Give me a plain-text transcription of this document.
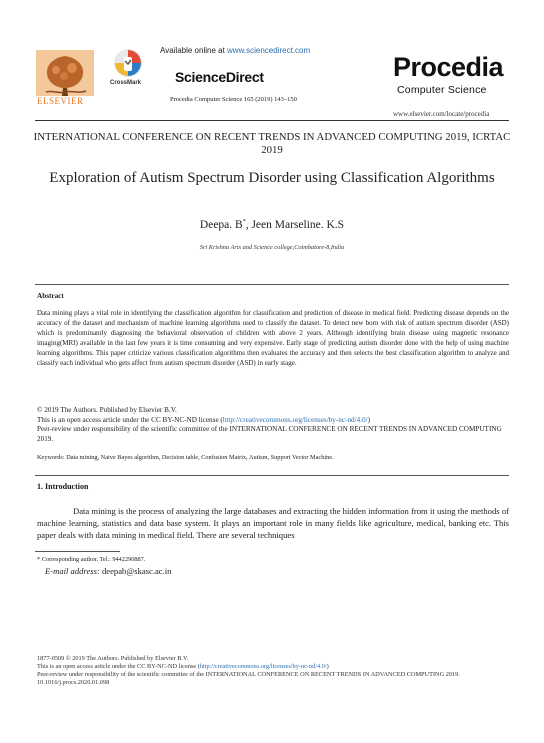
ELSEVIER
CrossMark
Available online at www.sciencedirect.com
ScienceDirect
Procedia Computer Science 165 (2019) 143–150
Procedia
Computer Science
www.elsevier.com/locate/procedia
INTERNATIONAL CONFERENCE ON RECENT TRENDS IN ADVANCED COMPUTING 2019, ICRTAC 2019
Exploration of Autism Spectrum Disorder using Classification Algorithms
Deepa. B*, Jeen Marseline. K.S
Sri Krishna Arts and Science college,Coimbatore-8,India
Abstract
Data mining plays a vital role in identifying the classification algorithm for classification and prediction of disease in medical field. Predicting disease depends on the accuracy of the dataset and mechanism of machine learning algorithms used to classify the dataset. To detect new born with risk of autism spectrum disorder (ASD) which is predominantly diagnosing the behavioral observation of children with above 2 years. Although identifying brain disease using magnetic resonance imaging(MRI) available in the last few years it is time consuming and very expensive. Early stage of predicting autism disorder done with the help of using machine learning algorithms. This paper criticize various classification algorithms then evaluates the accuracy and then selects the best classification algorithm to analyze and classify each individual who gets affect from autism spectrum disorder (ASD) in early stage.
© 2019 The Authors. Published by Elsevier B.V.
This is an open access article under the CC BY-NC-ND license (http://creativecommons.org/licenses/by-nc-nd/4.0/)
Peer-review under responsibility of the scientific committee of the INTERNATIONAL CONFERENCE ON RECENT TRENDS IN ADVANCED COMPUTING 2019.
Keywords: Data mining, Naive Bayes algorithm, Decision table, Confusion Matrix, Autism, Support Vector Machine.
1. Introduction
Data mining is the process of analyzing the large databases and extracting the hidden information from it using the methods of machine learning, statistics and data base system. It plays an important role in many fields like agriculture, medical, banking etc. This paper deals with data mining in medical field. There are several techniques
* Corresponding author. Tel.: 9442290887.
E-mail address: deepab@skasc.ac.in
1877-0509 © 2019 The Authors. Published by Elsevier B.V.
This is an open access article under the CC BY-NC-ND license (http://creativecommons.org/licenses/by-nc-nd/4.0/)
Peer-review under responsibility of the scientific committee of the INTERNATIONAL CONFERENCE ON RECENT TRENDS IN ADVANCED COMPUTING 2019.
10.1016/j.procs.2020.01.098
